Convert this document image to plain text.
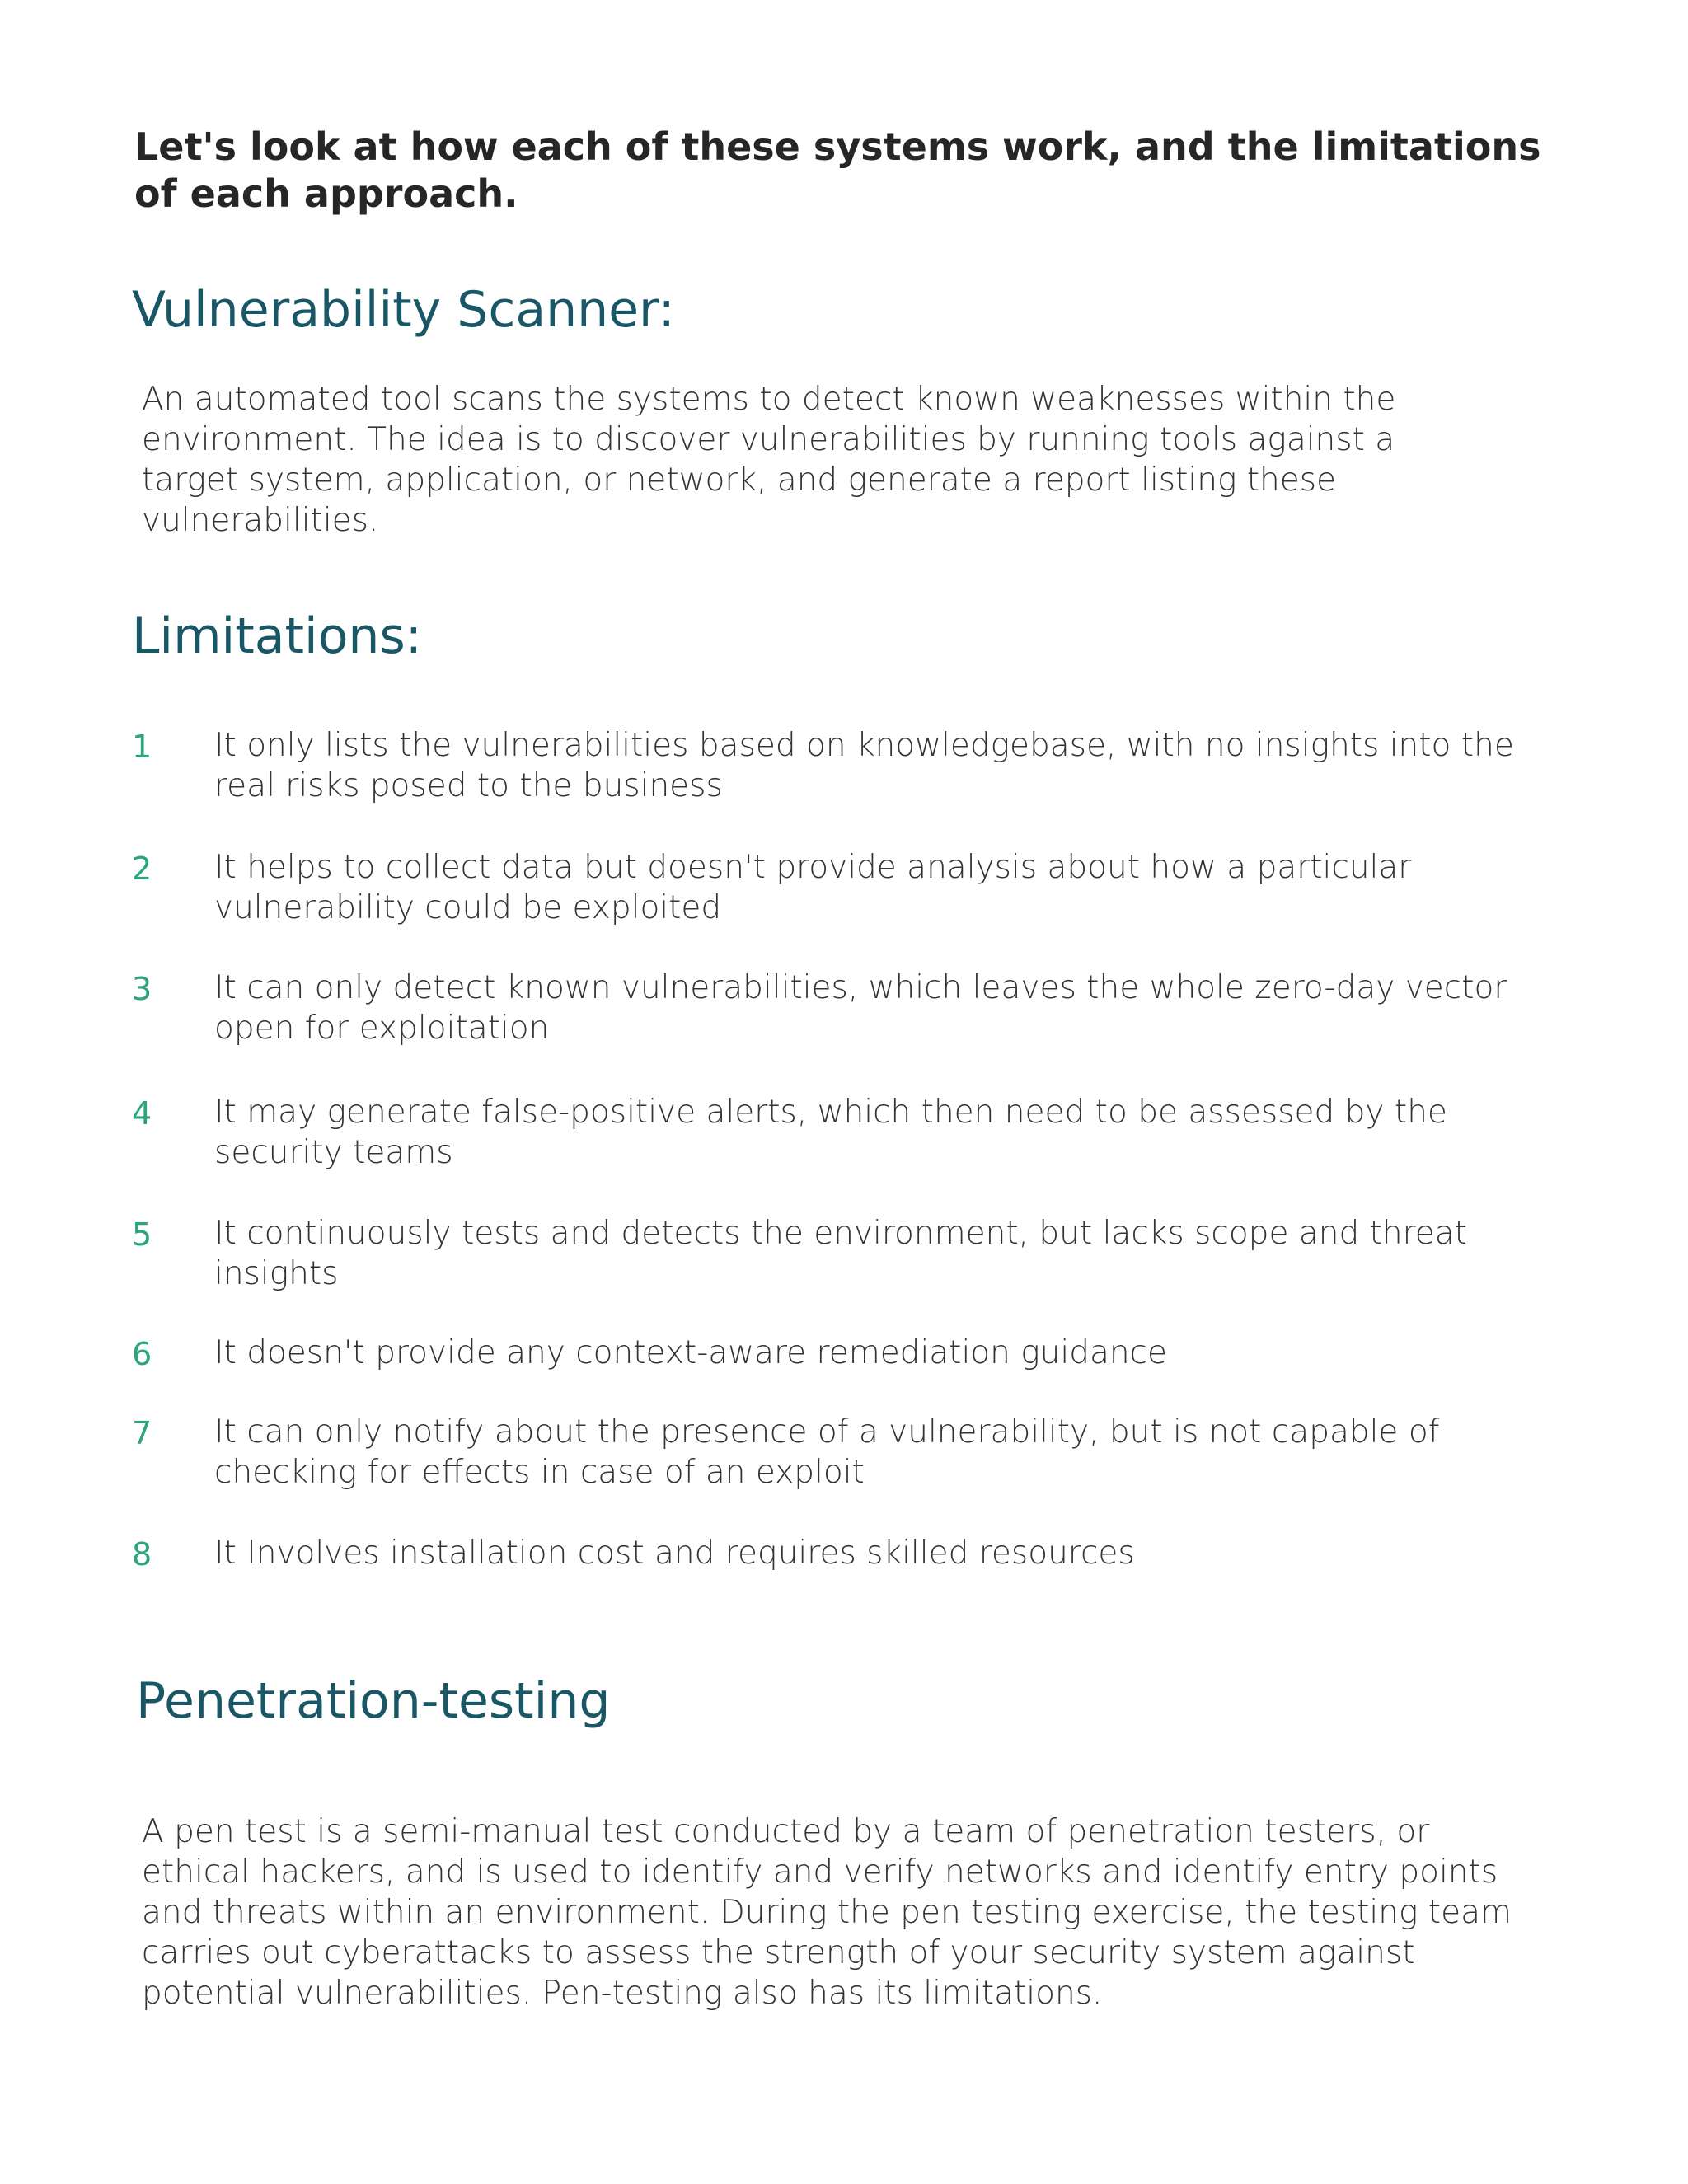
Let's look at how each of these systems work, and the limitations of each approach.

Vulnerability Scanner:

An automated tool scans the systems to detect known weaknesses within the environment. The idea is to discover vulnerabilities by running tools against a target system, application, or network, and generate a report listing these vulnerabilities.

Limitations:
1 It only lists the vulnerabilities based on knowledgebase, with no insights into the real risks posed to the business
2 It helps to collect data but doesn't provide analysis about how a particular vulnerability could be exploited
3 It can only detect known vulnerabilities, which leaves the whole zero-day vector open for exploitation
4 It may generate false-positive alerts, which then need to be assessed by the security teams
5 It continuously tests and detects the environment, but lacks scope and threat insights
6 It doesn't provide any context-aware remediation guidance
7 It can only notify about the presence of a vulnerability, but is not capable of checking for effects in case of an exploit
8 It Involves installation cost and requires skilled resources
Penetration-testing

A pen test is a semi-manual test conducted by a team of penetration testers, or ethical hackers, and is used to identify and verify networks and identify entry points and threats within an environment. During the pen testing exercise, the testing team carries out cyberattacks to assess the strength of your security system against potential vulnerabilities. Pen-testing also has its limitations.
